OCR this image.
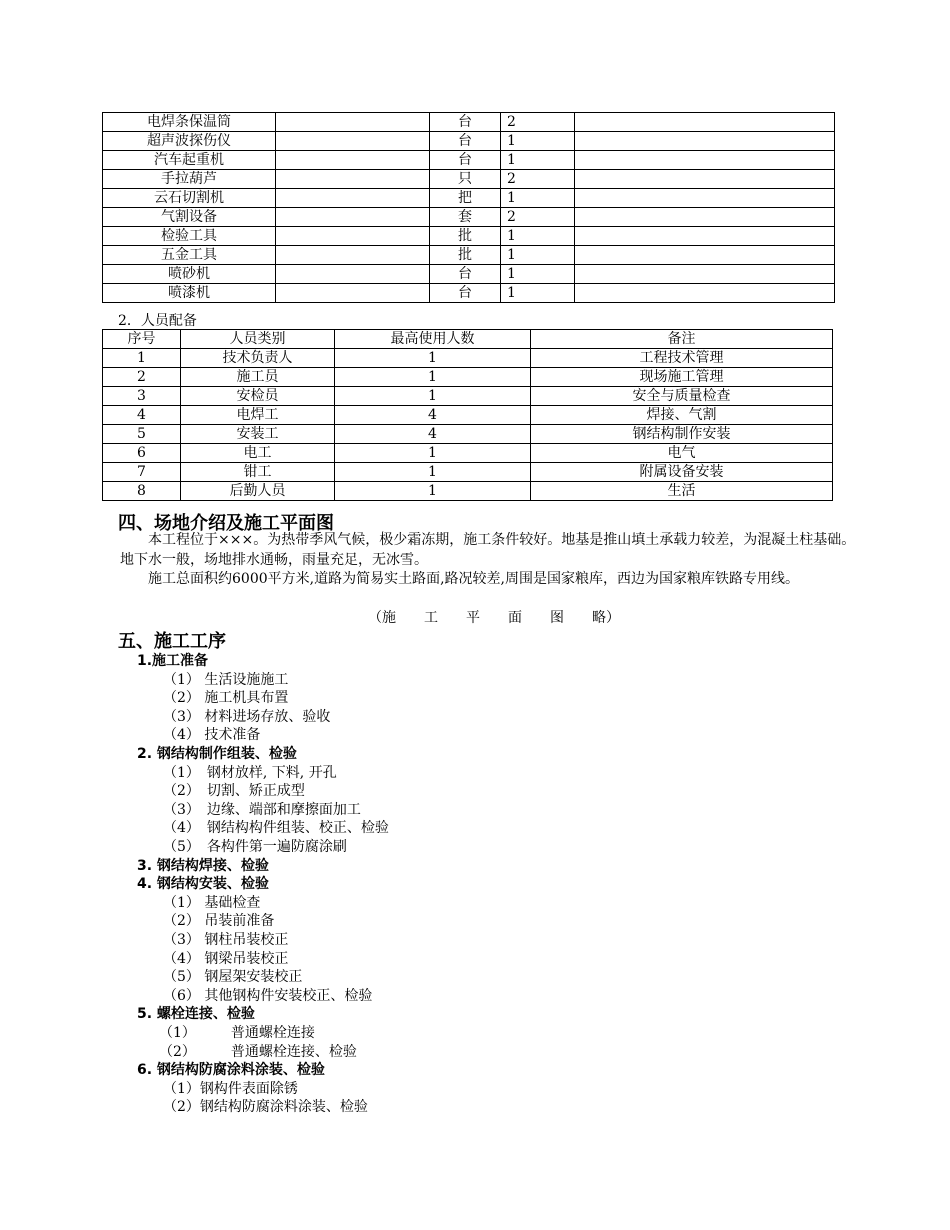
电焊条保温筒		台	2	
超声波探伤仪		台	1	
汽车起重机		台	1	
手拉葫芦		只	2	
云石切割机		把	1	
气割设备		套	2	
检验工具		批	1	
五金工具		批	1	
喷砂机		台	1	
喷漆机		台	1	
2．人员配备
序号	人员类别	最高使用人数	备注
1	技术负责人	1	工程技术管理
2	施工员	1	现场施工管理
3	安检员	1	安全与质量检查
4	电焊工	4	焊接、气割
5	安装工	4	钢结构制作安装
6	电工	1	电气
7	钳工	1	附属设备安装
8	后勤人员	1	生活
四、场地介绍及施工平面图
本工程位于×××。为热带季风气候，极少霜冻期，施工条件较好。地基是推山填土承载力较差，为混凝土柱基础。地下水一般，场地排水通畅，雨量充足，无冰雪。
施工总面积约6000平方米,道路为简易实土路面,路况较差,周围是国家粮库，西边为国家粮库铁路专用线。
（施　　工　　平　　面　　图　　略）
五、施工工序
1.施工准备
（1） 生活设施施工
（2） 施工机具布置
（3） 材料进场存放、验收
（4） 技术准备
2. 钢结构制作组装、检验
（1）　钢材放样, 下料, 开孔
（2）　切割、矫正成型
（3）　边缘、端部和摩擦面加工
（4）　钢结构构件组装、校正、检验
（5）　各构件第一遍防腐涂刷
3. 钢结构焊接、检验
4. 钢结构安装、检验
（1） 基础检查
（2） 吊装前准备
（3） 钢柱吊装校正
（4） 钢梁吊装校正
（5） 钢屋架安装校正
（6） 其他钢构件安装校正、检验
5. 螺栓连接、检验
（1）　　　普通螺栓连接
（2）　　　普通螺栓连接、检验
6. 钢结构防腐涂料涂装、检验
（1）钢构件表面除锈
（2）钢结构防腐涂料涂装、检验
